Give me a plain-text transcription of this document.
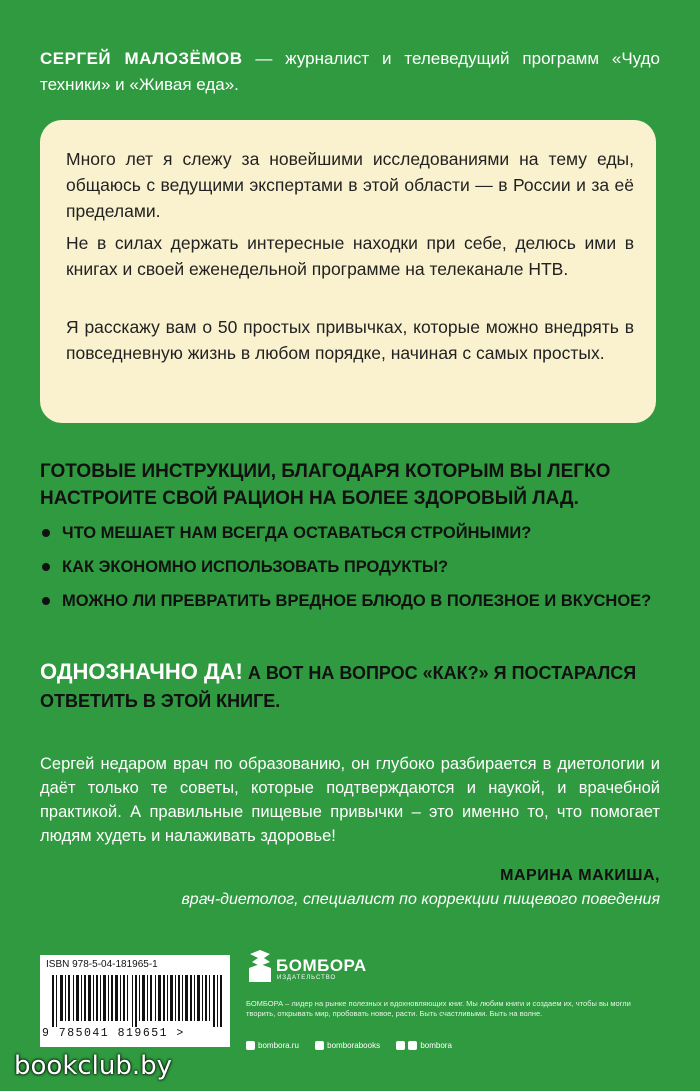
СЕРГЕЙ МАЛОЗЁМОВ — журналист и телеведущий программ «Чудо техники» и «Живая еда».

Много лет я слежу за новейшими исследованиями на тему еды, общаюсь с ведущими экспертами в этой области — в России и за её пределами.

Не в силах держать интересные находки при себе, делюсь ими в книгах и своей еженедельной программе на телеканале НТВ.

Я расскажу вам о 50 простых привычках, которые можно внедрять в повседневную жизнь в любом порядке, начиная с самых простых.

ГОТОВЫЕ ИНСТРУКЦИИ, БЛАГОДАРЯ КОТОРЫМ ВЫ ЛЕГКО НАСТРОИТЕ СВОЙ РАЦИОН НА БОЛЕЕ ЗДОРОВЫЙ ЛАД.
ЧТО МЕШАЕТ НАМ ВСЕГДА ОСТАВАТЬСЯ СТРОЙНЫМИ?
КАК ЭКОНОМНО ИСПОЛЬЗОВАТЬ ПРОДУКТЫ?
МОЖНО ЛИ ПРЕВРАТИТЬ ВРЕДНОЕ БЛЮДО В ПОЛЕЗНОЕ И ВКУСНОЕ?
ОДНОЗНАЧНО ДА! А ВОТ НА ВОПРОС «КАК?» Я ПОСТАРАЛСЯ ОТВЕТИТЬ В ЭТОЙ КНИГЕ.
Сергей недаром врач по образованию, он глубоко разбирается в диетологии и даёт только те советы, которые подтверждаются и наукой, и врачебной практикой. А правильные пищевые привычки – это именно то, что помогает людям худеть и налаживать здоровье!
МАРИНА МАКИША,
врач-диетолог, специалист по коррекции пищевого поведения
ISBN 978-5-04-181965-1
9 785041 819651 >
БОМБОРА
ИЗДАТЕЛЬСТВО
БОМБОРА – лидер на рынке полезных и вдохновляющих книг. Мы любим книги и создаем их, чтобы вы могли творить, открывать мир, пробовать новое, расти. Быть счастливыми. Быть на волне.
bombora.ru	bomborabooks	bombora
bookclub.by
